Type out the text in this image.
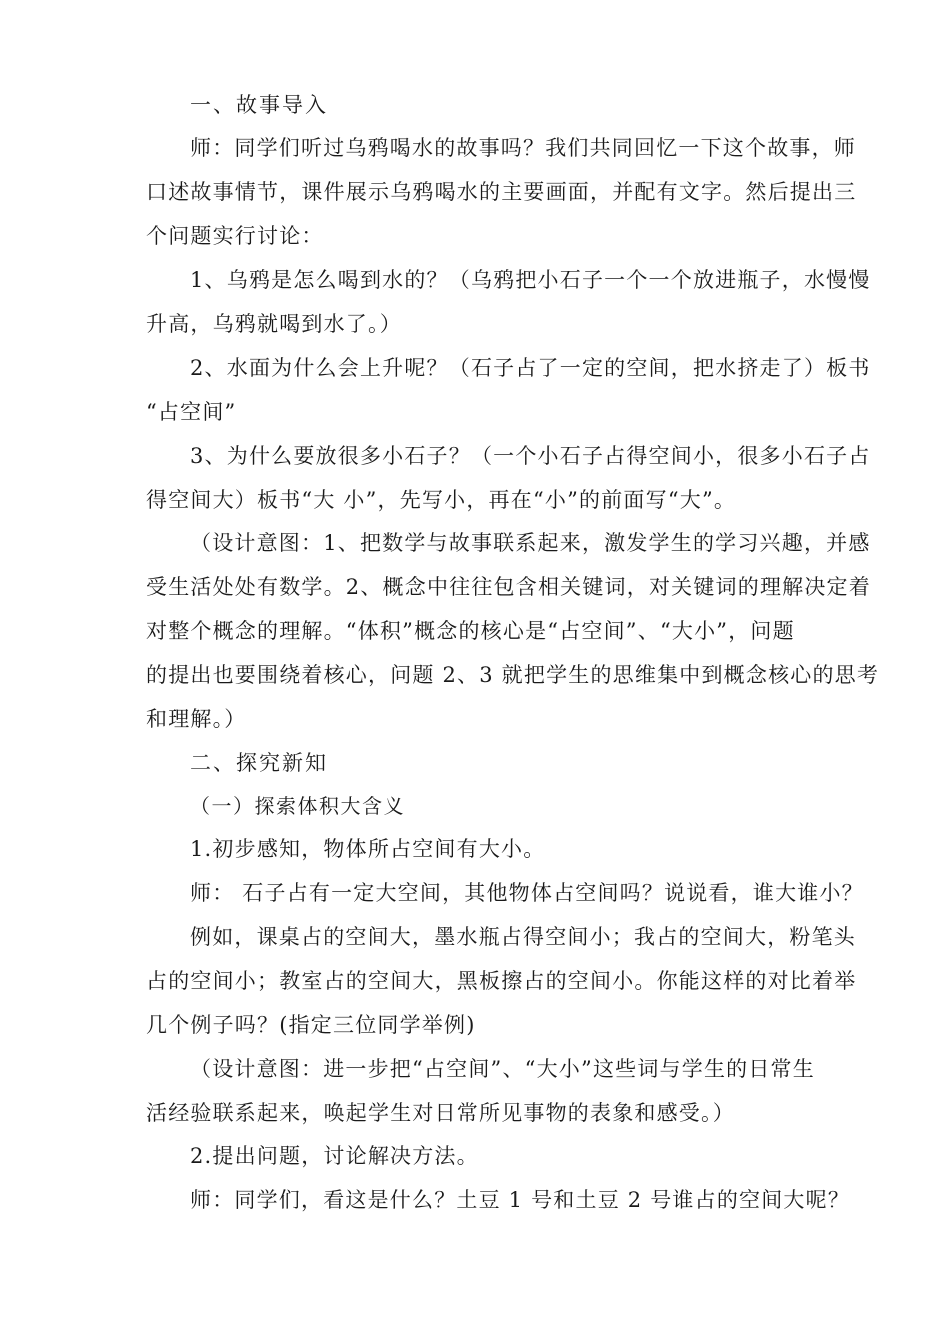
一、故事导入

师：同学们听过乌鸦喝水的故事吗？我们共同回忆一下这个故事，师

口述故事情节，课件展示乌鸦喝水的主要画面，并配有文字。然后提出三

个问题实行讨论：

1、乌鸦是怎么喝到水的？（乌鸦把小石子一个一个放进瓶子，水慢慢

升高，乌鸦就喝到水了。）

2、水面为什么会上升呢？（石子占了一定的空间，把水挤走了）板书

“占空间”

3、为什么要放很多小石子？（一个小石子占得空间小，很多小石子占

得空间大）板书“大 小”，先写小，再在“小”的前面写“大”。

（设计意图：1、把数学与故事联系起来，激发学生的学习兴趣，并感

受生活处处有数学。2、概念中往往包含相关键词，对关键词的理解决定着

对整个概念的理解。“体积”概念的核心是“占空间”、“大小”，问题

的提出也要围绕着核心，问题 2、3 就把学生的思维集中到概念核心的思考

和理解。）

二、探究新知

（一）探索体积大含义

1.初步感知，物体所占空间有大小。

师： 石子占有一定大空间，其他物体占空间吗？说说看，谁大谁小？

例如，课桌占的空间大，墨水瓶占得空间小；我占的空间大，粉笔头

占的空间小；教室占的空间大，黑板擦占的空间小。你能这样的对比着举

几个例子吗？(指定三位同学举例)

（设计意图：进一步把“占空间”、“大小”这些词与学生的日常生

活经验联系起来，唤起学生对日常所见事物的表象和感受。）

2.提出问题，讨论解决方法。

师：同学们，看这是什么？土豆 1 号和土豆 2 号谁占的空间大呢？
